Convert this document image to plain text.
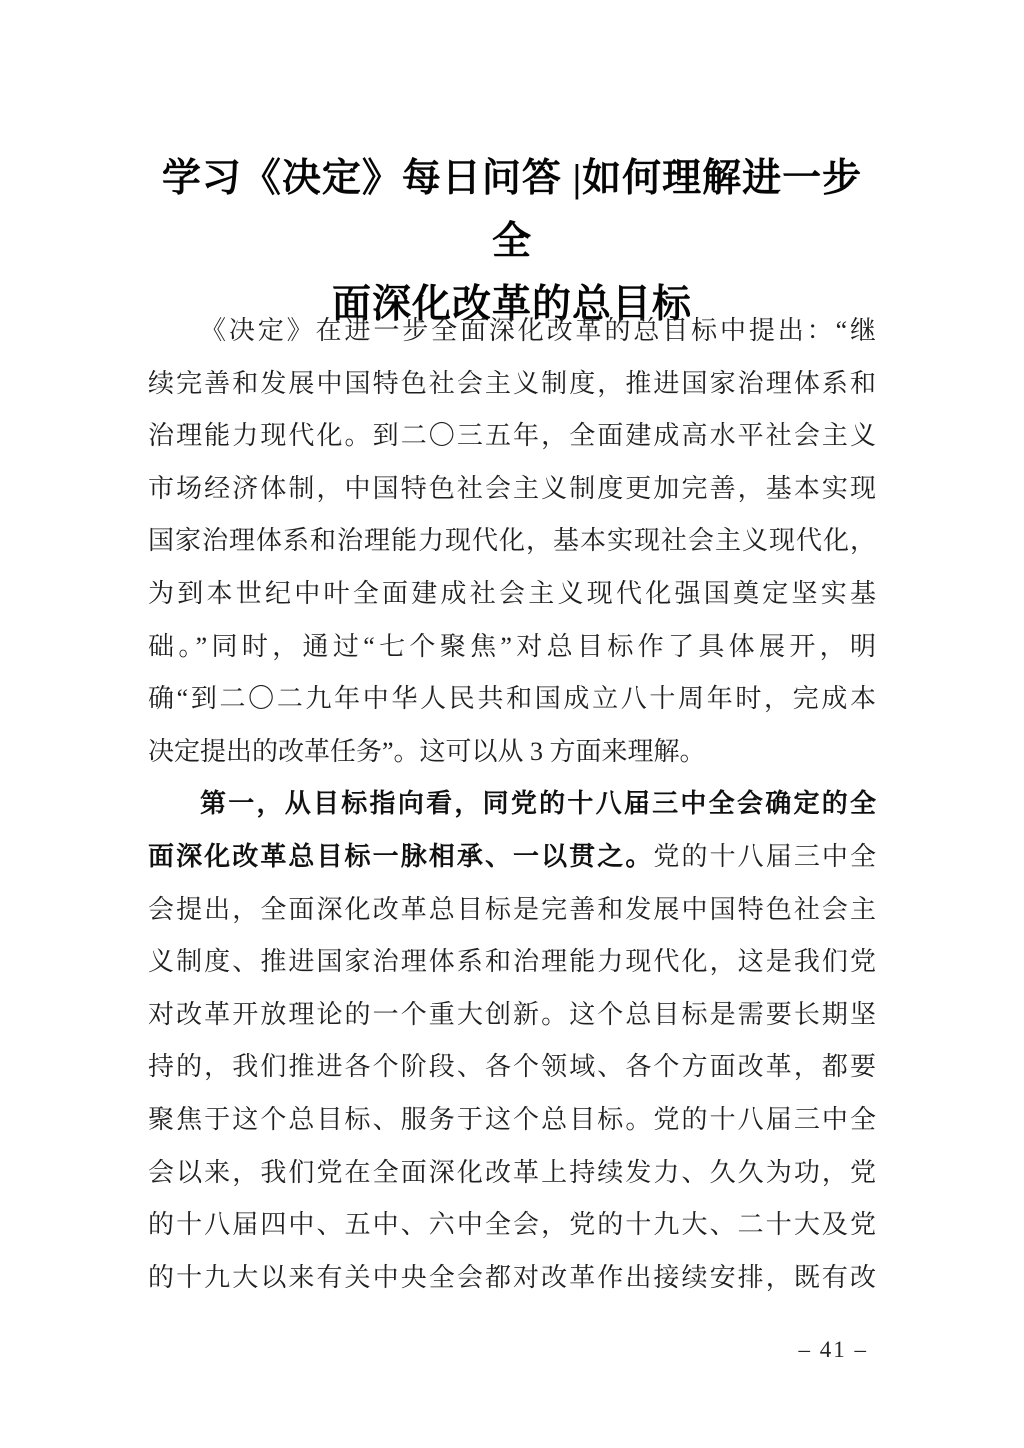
学习《决定》每日问答 |如何理解进一步全
面深化改革的总目标
《决定》在进一步全面深化改革的总目标中提出：“继
续完善和发展中国特色社会主义制度，推进国家治理体系和
治理能力现代化。到二〇三五年，全面建成高水平社会主义
市场经济体制，中国特色社会主义制度更加完善，基本实现
国家治理体系和治理能力现代化，基本实现社会主义现代化，
为到本世纪中叶全面建成社会主义现代化强国奠定坚实基
础。”同时，通过“七个聚焦”对总目标作了具体展开，明
确“到二〇二九年中华人民共和国成立八十周年时，完成本
决定提出的改革任务”。这可以从 3 方面来理解。
第一，从目标指向看，同党的十八届三中全会确定的全
面深化改革总目标一脉相承、一以贯之。党的十八届三中全
会提出，全面深化改革总目标是完善和发展中国特色社会主
义制度、推进国家治理体系和治理能力现代化，这是我们党
对改革开放理论的一个重大创新。这个总目标是需要长期坚
持的，我们推进各个阶段、各个领域、各个方面改革，都要
聚焦于这个总目标、服务于这个总目标。党的十八届三中全
会以来，我们党在全面深化改革上持续发力、久久为功，党
的十八届四中、五中、六中全会，党的十九大、二十大及党
的十九大以来有关中央全会都对改革作出接续安排，既有改
– 41 –
